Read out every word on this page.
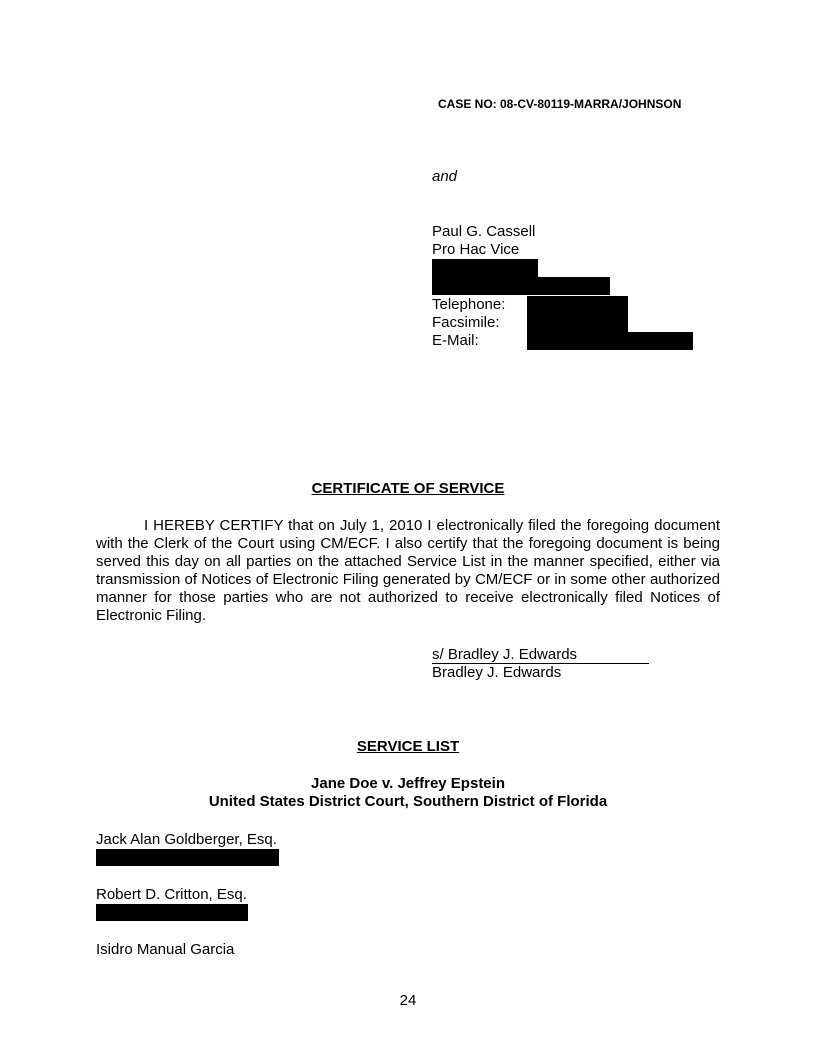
CASE NO: 08-CV-80119-MARRA/JOHNSON
and
Paul G. Cassell
Pro Hac Vice
Telephone:
Facsimile:
E-Mail:
CERTIFICATE OF SERVICE

I HEREBY CERTIFY that on July 1, 2010 I electronically filed the foregoing document with the Clerk of the Court using CM/ECF. I also certify that the foregoing document is being served this day on all parties on the attached Service List in the manner specified, either via transmission of Notices of Electronic Filing generated by CM/ECF or in some other authorized manner for those parties who are not authorized to receive electronically filed Notices of Electronic Filing.

s/ Bradley J. Edwards
Bradley J. Edwards
SERVICE LIST
Jane Doe v. Jeffrey Epstein
United States District Court, Southern District of Florida
Jack Alan Goldberger, Esq.
Robert D. Critton, Esq.
Isidro Manual Garcia
24
